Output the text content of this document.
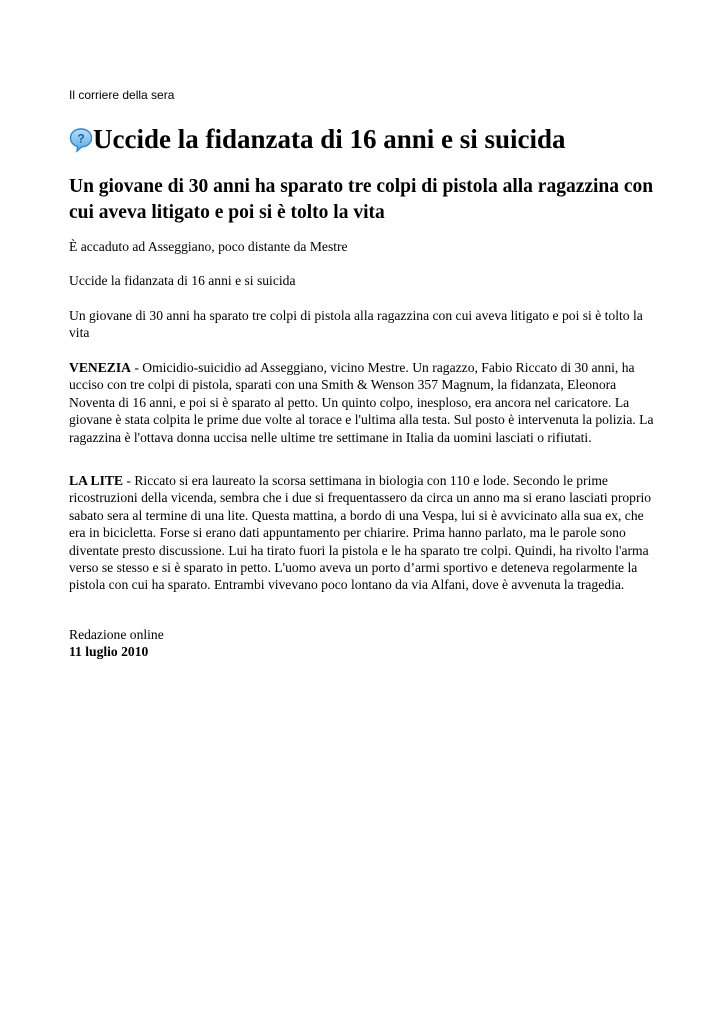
Il corriere della sera
? Uccide la fidanzata di 16 anni e si suicida
Un giovane di 30 anni ha sparato tre colpi di pistola alla ragazzina con cui aveva litigato e poi si è tolto la vita

È accaduto ad Asseggiano, poco distante da Mestre

Uccide la fidanzata di 16 anni e si suicida

Un giovane di 30 anni ha sparato tre colpi di pistola alla ragazzina con cui aveva litigato e poi si è tolto la vita

VENEZIA - Omicidio-suicidio ad Asseggiano, vicino Mestre. Un ragazzo, Fabio Riccato di 30 anni, ha ucciso con tre colpi di pistola, sparati con una Smith & Wenson 357 Magnum, la fidanzata, Eleonora Noventa di 16 anni, e poi si è sparato al petto. Un quinto colpo, inesploso, era ancora nel caricatore. La giovane è stata colpita le prime due volte al torace e l'ultima alla testa. Sul posto è intervenuta la polizia. La ragazzina è l'ottava donna uccisa nelle ultime tre settimane in Italia da uomini lasciati o rifiutati.

LA LITE - Riccato si era laureato la scorsa settimana in biologia con 110 e lode. Secondo le prime ricostruzioni della vicenda, sembra che i due si frequentassero da circa un anno ma si erano lasciati proprio sabato sera al termine di una lite. Questa mattina, a bordo di una Vespa, lui si è avvicinato alla sua ex, che era in bicicletta. Forse si erano dati appuntamento per chiarire. Prima hanno parlato, ma le parole sono diventate presto discussione. Lui ha tirato fuori la pistola e le ha sparato tre colpi. Quindi, ha rivolto l'arma verso se stesso e si è sparato in petto. L'uomo aveva un porto d’armi sportivo e deteneva regolarmente la pistola con cui ha sparato. Entrambi vivevano poco lontano da via Alfani, dove è avvenuta la tragedia.

Redazione online

11 luglio 2010
